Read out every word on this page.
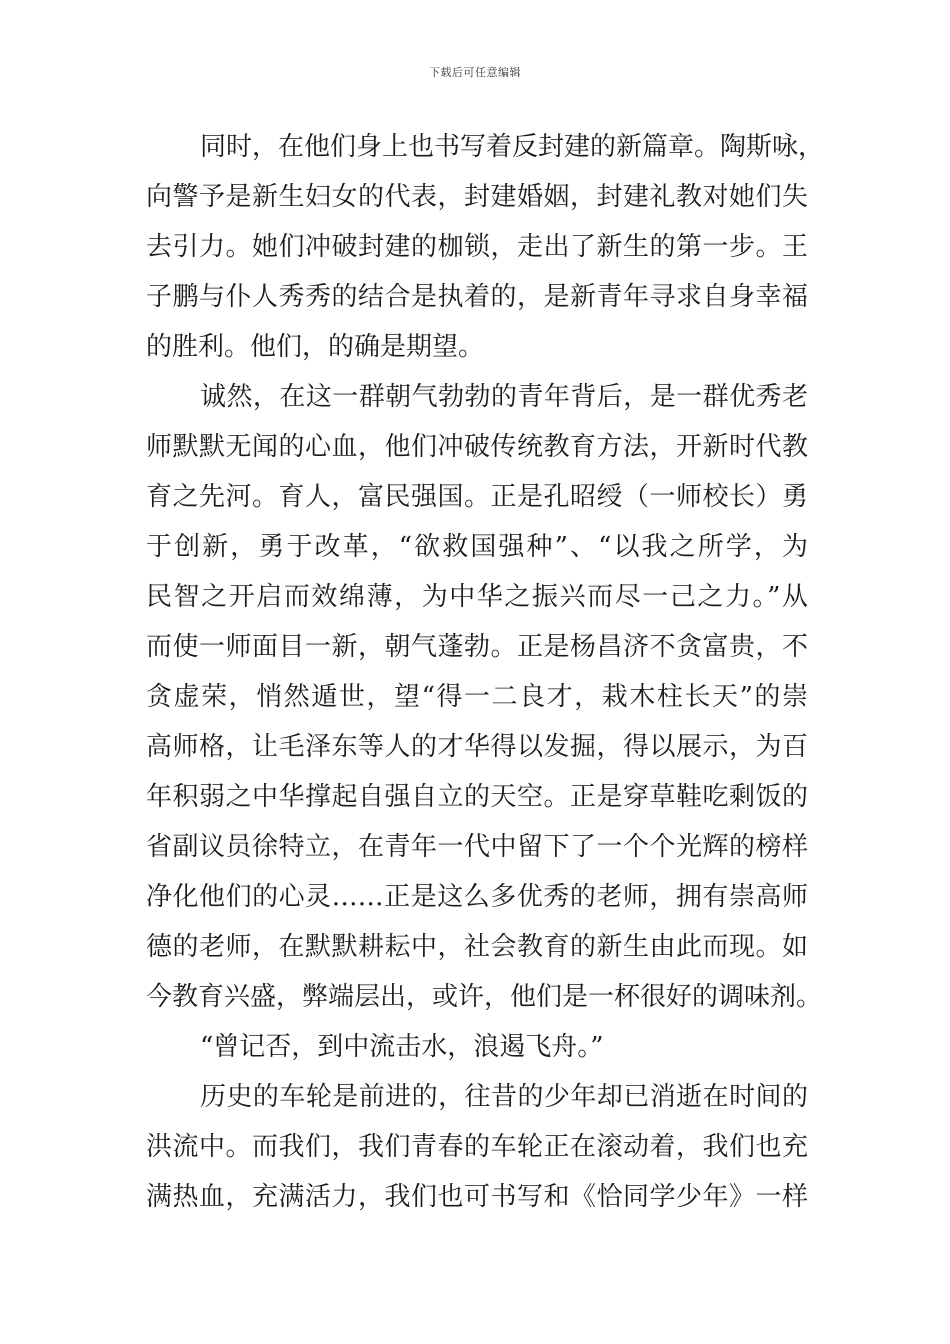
下载后可任意编辑
同时，在他们身上也书写着反封建的新篇章。陶斯咏，
向警予是新生妇女的代表，封建婚姻，封建礼教对她们失
去引力。她们冲破封建的枷锁，走出了新生的第一步。王
子鹏与仆人秀秀的结合是执着的，是新青年寻求自身幸福
的胜利。他们，的确是期望。
诚然，在这一群朝气勃勃的青年背后，是一群优秀老
师默默无闻的心血，他们冲破传统教育方法，开新时代教
育之先河。育人，富民强国。正是孔昭绶（一师校长）勇
于创新，勇于改革，“欲救国强种”、“以我之所学，为
民智之开启而效绵薄，为中华之振兴而尽一己之力。”从
而使一师面目一新，朝气蓬勃。正是杨昌济不贪富贵，不
贪虚荣，悄然遁世，望“得一二良才，栽木柱长天”的崇
高师格，让毛泽东等人的才华得以发掘，得以展示，为百
年积弱之中华撑起自强自立的天空。正是穿草鞋吃剩饭的
省副议员徐特立，在青年一代中留下了一个个光辉的榜样
净化他们的心灵……正是这么多优秀的老师，拥有崇高师
德的老师，在默默耕耘中，社会教育的新生由此而现。如
今教育兴盛，弊端层出，或许，他们是一杯很好的调味剂。
“曾记否，到中流击水，浪遏飞舟。”
历史的车轮是前进的，往昔的少年却已消逝在时间的
洪流中。而我们，我们青春的车轮正在滚动着，我们也充
满热血，充满活力，我们也可书写和《恰同学少年》一样
